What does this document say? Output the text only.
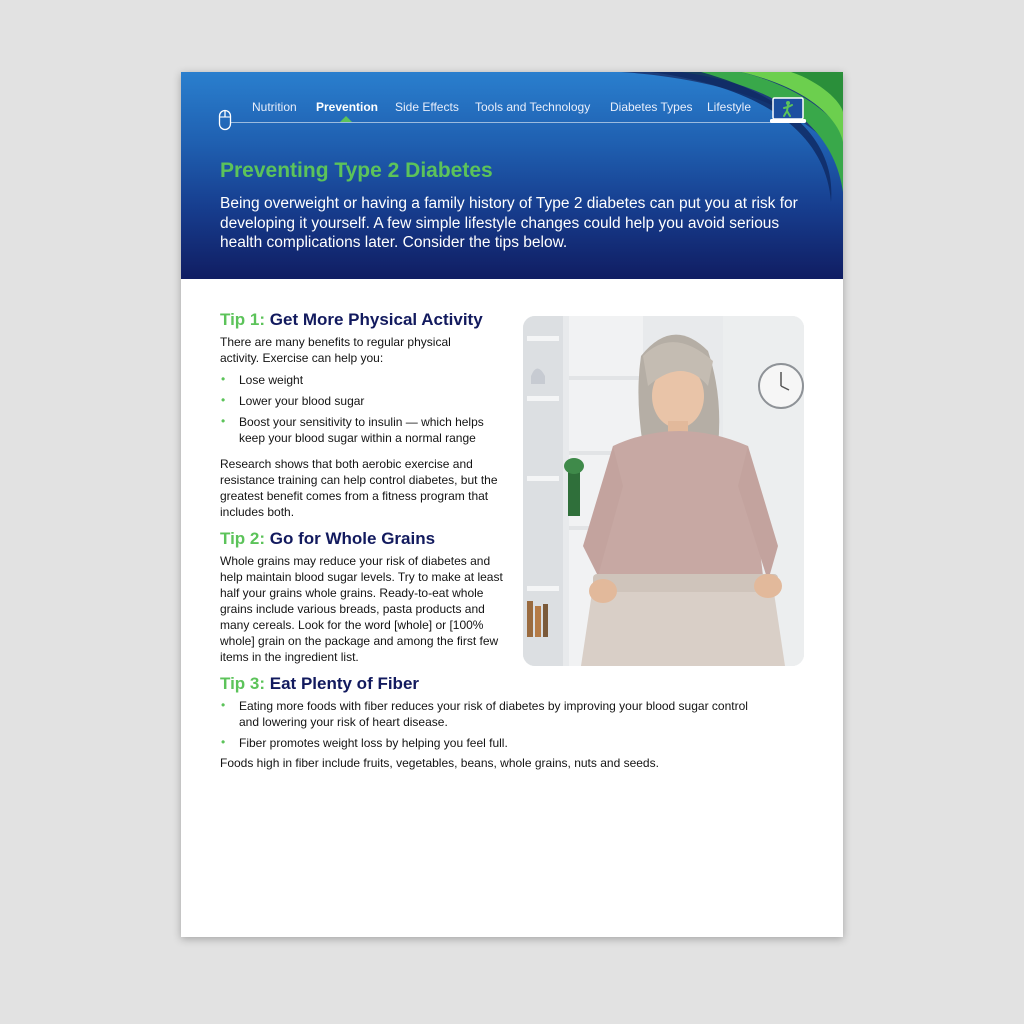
Nutrition Prevention Side Effects Tools and Technology Diabetes Types Lifestyle
Preventing Type 2 Diabetes

Being overweight or having a family history of Type 2 diabetes can put you at risk for developing it yourself. A few simple lifestyle changes could help you avoid serious health complications later. Consider the tips below.

Tip 1: Get More Physical Activity

There are many benefits to regular physical activity. Exercise can help you:

• Lose weight
• Lower your blood sugar
• Boost your sensitivity to insulin — which helps keep your blood sugar within a normal range

Research shows that both aerobic exercise and resistance training can help control diabetes, but the greatest benefit comes from a fitness program that includes both.

Tip 2: Go for Whole Grains

Whole grains may reduce your risk of diabetes and help maintain blood sugar levels. Try to make at least half your grains whole grains. Ready-to-eat whole grains include various breads, pasta products and many cereals. Look for the word [whole] or [100% whole] grain on the package and among the first few items in the ingredient list.

Tip 3: Eat Plenty of Fiber
• Eating more foods with fiber reduces your risk of diabetes by improving your blood sugar control and lowering your risk of heart disease.
• Fiber promotes weight loss by helping you feel full.

Foods high in fiber include fruits, vegetables, beans, whole grains, nuts and seeds.
